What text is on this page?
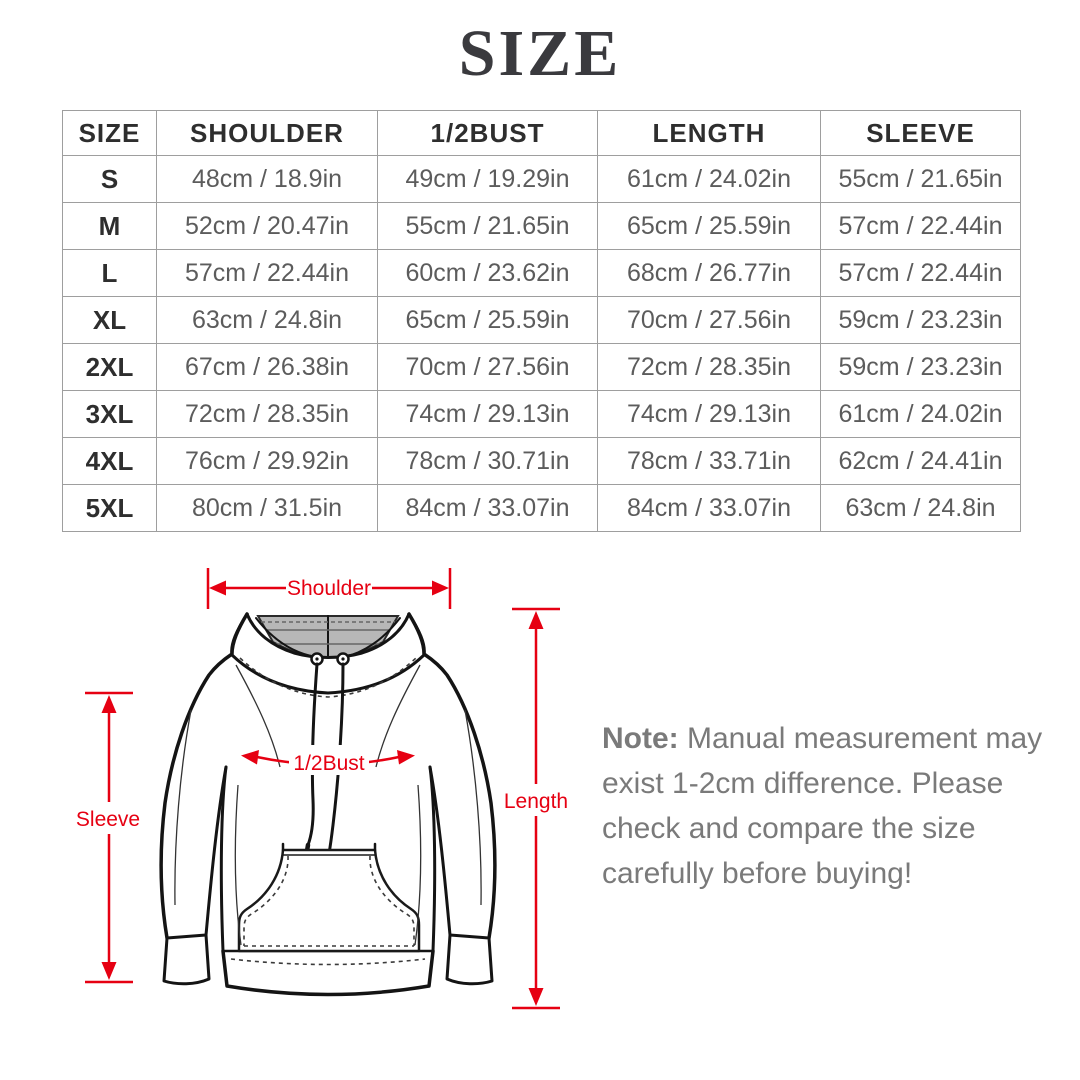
SIZE
SIZE	SHOULDER	1/2BUST	LENGTH	SLEEVE
S	48cm / 18.9in	49cm / 19.29in	61cm / 24.02in	55cm / 21.65in
M	52cm / 20.47in	55cm / 21.65in	65cm / 25.59in	57cm / 22.44in
L	57cm / 22.44in	60cm / 23.62in	68cm / 26.77in	57cm / 22.44in
XL	63cm / 24.8in	65cm / 25.59in	70cm / 27.56in	59cm / 23.23in
2XL	67cm / 26.38in	70cm / 27.56in	72cm / 28.35in	59cm / 23.23in
3XL	72cm / 28.35in	74cm / 29.13in	74cm / 29.13in	61cm / 24.02in
4XL	76cm / 29.92in	78cm / 30.71in	78cm / 33.71in	62cm / 24.41in
5XL	80cm / 31.5in	84cm / 33.07in	84cm / 33.07in	63cm / 24.8in
Shoulder
1/2Bust
Sleeve
Length
Note: Manual measurement may exist 1-2cm difference. Please check and compare the size carefully before buying!
